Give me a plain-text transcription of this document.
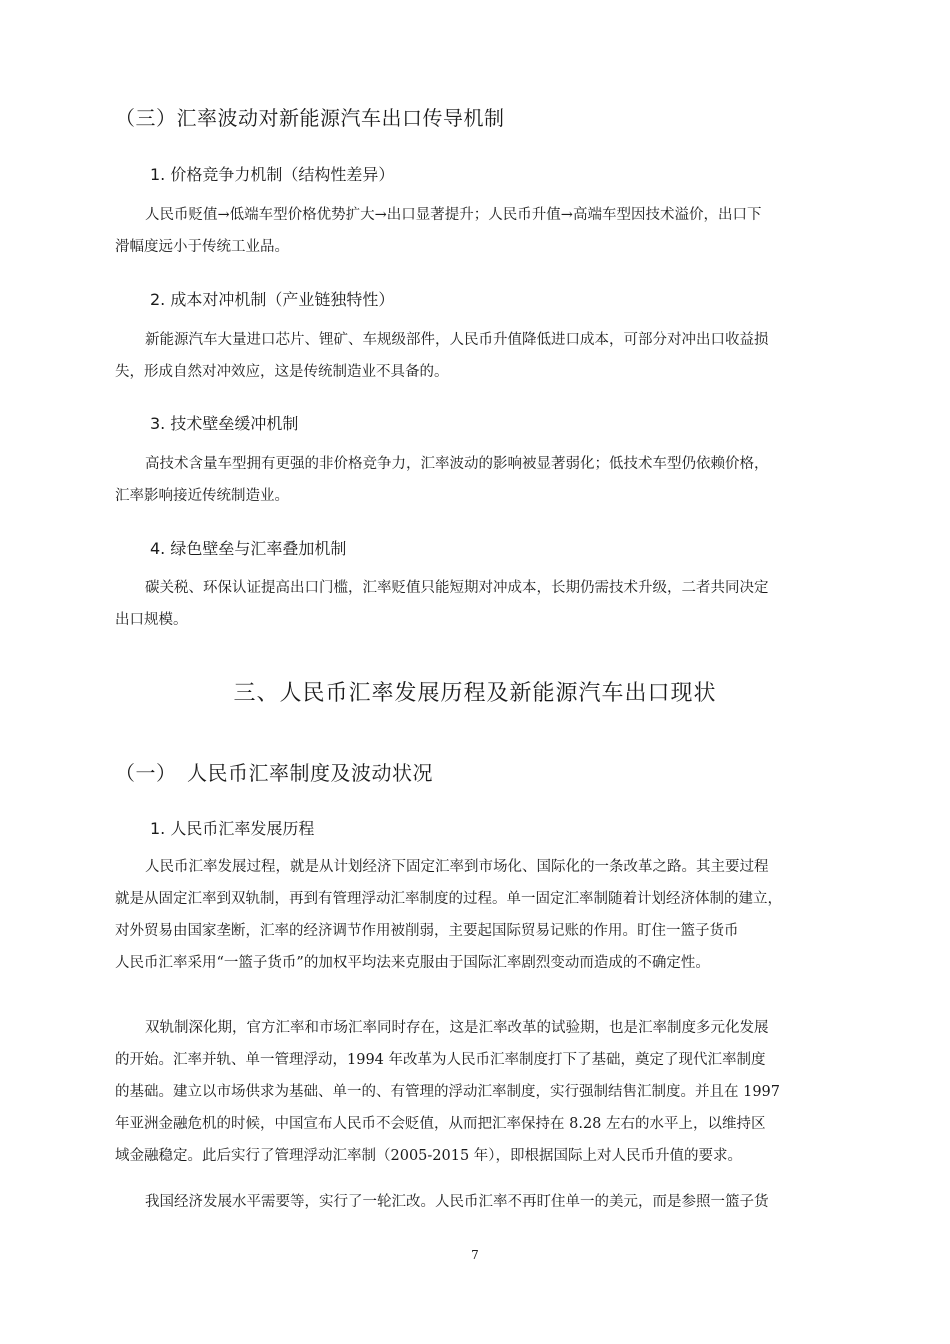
（三）汇率波动对新能源汽车出口传导机制
1. 价格竞争力机制（结构性差异）
人民币贬值→低端车型价格优势扩大→出口显著提升；人民币升值→高端车型因技术溢价，出口下
滑幅度远小于传统工业品。
2. 成本对冲机制（产业链独特性）
新能源汽车大量进口芯片、锂矿、车规级部件，人民币升值降低进口成本，可部分对冲出口收益损
失，形成自然对冲效应，这是传统制造业不具备的。
3. 技术壁垒缓冲机制
高技术含量车型拥有更强的非价格竞争力，汇率波动的影响被显著弱化；低技术车型仍依赖价格，
汇率影响接近传统制造业。
4. 绿色壁垒与汇率叠加机制
碳关税、环保认证提高出口门槛，汇率贬值只能短期对冲成本，长期仍需技术升级，二者共同决定
出口规模。
三、人民币汇率发展历程及新能源汽车出口现状
（一）　人民币汇率制度及波动状况
1. 人民币汇率发展历程
人民币汇率发展过程，就是从计划经济下固定汇率到市场化、国际化的一条改革之路。其主要过程
就是从固定汇率到双轨制，再到有管理浮动汇率制度的过程。单一固定汇率制随着计划经济体制的建立，
对外贸易由国家垄断，汇率的经济调节作用被削弱，主要起国际贸易记账的作用。盯住一篮子货币
人民币汇率采用“一篮子货币”的加权平均法来克服由于国际汇率剧烈变动而造成的不确定性。
双轨制深化期，官方汇率和市场汇率同时存在，这是汇率改革的试验期，也是汇率制度多元化发展
的开始。汇率并轨、单一管理浮动，1994 年改革为人民币汇率制度打下了基础，奠定了现代汇率制度
的基础。建立以市场供求为基础、单一的、有管理的浮动汇率制度，实行强制结售汇制度。并且在 1997
年亚洲金融危机的时候，中国宣布人民币不会贬值，从而把汇率保持在 8.28 左右的水平上，以维持区
域金融稳定。此后实行了管理浮动汇率制（2005-2015 年），即根据国际上对人民币升值的要求。
我国经济发展水平需要等，实行了一轮汇改。人民币汇率不再盯住单一的美元，而是参照一篮子货
7
